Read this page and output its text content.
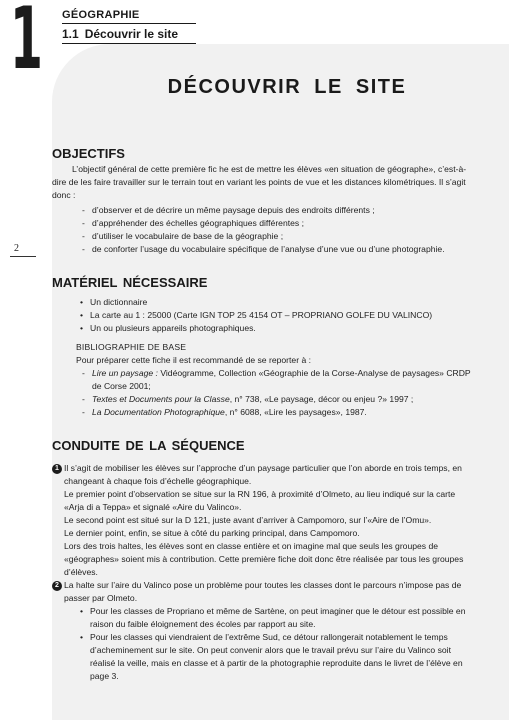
1 GÉOGRAPHIE
1.1 Découvrir le site
2
DÉCOUVRIR LE SITE
OBJECTIFS

L’objectif général de cette première fic he est de mettre les élèves «en situation de géographe», c’est-à-dire de les faire travailler sur le terrain tout en variant les points de vue et les distances kilométriques. Il s’agit donc :

- d’observer et de décrire un même paysage depuis des endroits différents ;
- d’appréhender des échelles géographiques différentes ;
- d’utiliser le vocabulaire de base de la géographie ;
- de conforter l’usage du vocabulaire spécifique de l’analyse d’une vue ou d’une photographie.
MATÉRIEL NÉCESSAIRE
• Un dictionnaire
• La carte au 1 : 25000 (Carte IGN TOP 25 4154 OT – PROPRIANO GOLFE DU VALINCO)
• Un ou plusieurs appareils photographiques.

BIBLIOGRAPHIE DE BASE

Pour préparer cette fiche il est recommandé de se reporter à :

- Lire un paysage : Vidéogramme, Collection «Géographie de la Corse-Analyse de paysages» CRDP de Corse 2001;
- Textes et Documents pour la Classe, n° 738, «Le paysage, décor ou enjeu ?» 1997 ;
- La Documentation Photographique, n° 6088, «Lire les paysages», 1987.
CONDUITE DE LA SÉQUENCE
1 Il s’agit de mobiliser les élèves sur l’approche d’un paysage particulier que l’on aborde en trois temps, en changeant à chaque fois d’échelle géographique.

Le premier point d’observation se situe sur la RN 196, à proximité d’Olmeto, au lieu indiqué sur la carte «Arja di a Teppa» et signalé «Aire du Valinco».

Le second point est situé sur la D 121, juste avant d’arriver à Campomoro, sur l’«Aire de l’Omu».

Le dernier point, enfin, se situe à côté du parking principal, dans Campomoro.

Lors des trois haltes, les élèves sont en classe entière et on imagine mal que seuls les groupes de «géographes» soient mis à contribution. Cette première fiche doit donc être réalisée par tous les groupes d’élèves.

2 La halte sur l’aire du Valinco pose un problème pour toutes les classes dont le parcours n’impose pas de passer par Olmeto.

• Pour les classes de Propriano et même de Sartène, on peut imaginer que le détour est possible en raison du faible éloignement des écoles par rapport au site.
• Pour les classes qui viendraient de l’extrême Sud, ce détour rallongerait notablement le temps d’acheminement sur le site. On peut convenir alors que le travail prévu sur l’aire du Valinco soit réalisé la veille, mais en classe et à partir de la photographie reproduite dans le livret de l’élève en page 3.
